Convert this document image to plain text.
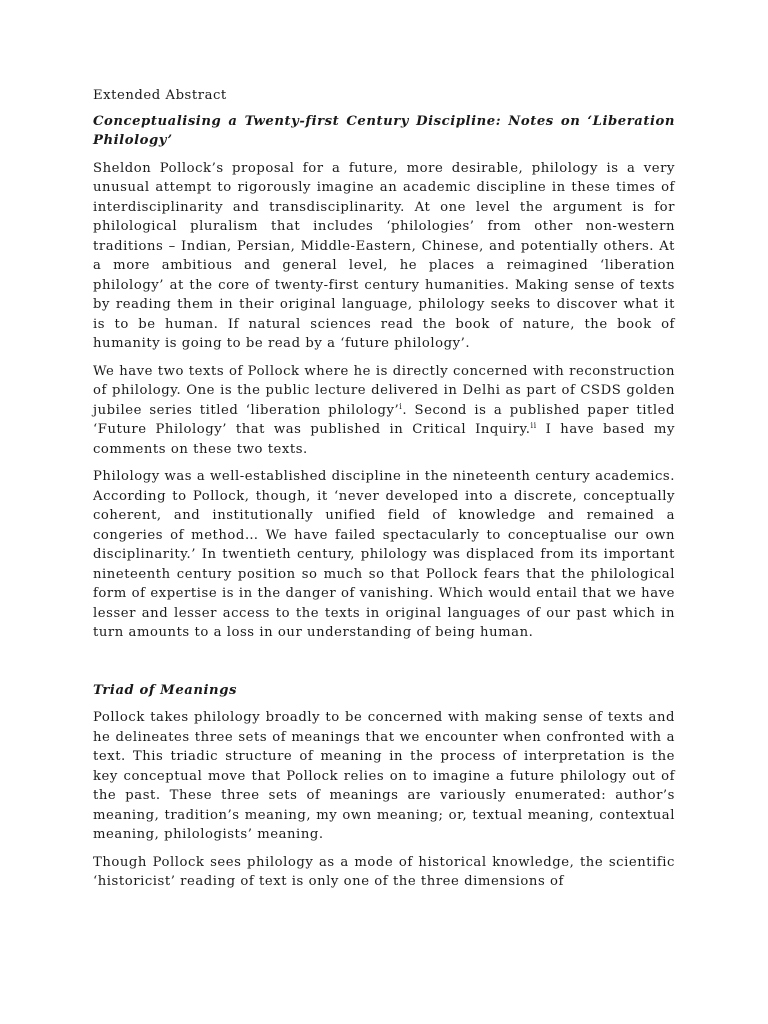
Extended Abstract

Conceptualising a Twenty-first Century Discipline: Notes on ‘Liberation Philology’

Sheldon Pollock’s proposal for a future, more desirable, philology is a very unusual attempt to rigorously imagine an academic discipline in these times of interdisciplinarity and transdisciplinarity. At one level the argument is for philological pluralism that includes ‘philologies’ from other non-western traditions – Indian, Persian, Middle-Eastern, Chinese, and potentially others. At a more ambitious and general level, he places a reimagined ‘liberation philology’ at the core of twenty-first century humanities. Making sense of texts by reading them in their original language, philology seeks to discover what it is to be human. If natural sciences read the book of nature, the book of humanity is going to be read by a ‘future philology’.

We have two texts of Pollock where he is directly concerned with reconstruction of philology. One is the public lecture delivered in Delhi as part of CSDS golden jubilee series titled ‘liberation philology’$^i$. Second is a published paper titled ‘Future Philology’ that was published in Critical Inquiry.$^{ii}$ I have based my comments on these two texts.

Philology was a well-established discipline in the nineteenth century academics. According to Pollock, though, it ‘never developed into a discrete, conceptually coherent, and institutionally unified field of knowledge and remained a congeries of method… We have failed spectacularly to conceptualise our own disciplinarity.’ In twentieth century, philology was displaced from its important nineteenth century position so much so that Pollock fears that the philological form of expertise is in the danger of vanishing. Which would entail that we have lesser and lesser access to the texts in original languages of our past which in turn amounts to a loss in our understanding of being human.

Triad of Meanings

Pollock takes philology broadly to be concerned with making sense of texts and he delineates three sets of meanings that we encounter when confronted with a text. This triadic structure of meaning in the process of interpretation is the key conceptual move that Pollock relies on to imagine a future philology out of the past. These three sets of meanings are variously enumerated: author’s meaning, tradition’s meaning, my own meaning; or, textual meaning, contextual meaning, philologists’ meaning.

Though Pollock sees philology as a mode of historical knowledge, the scientific ‘historicist’ reading of text is only one of the three dimensions of
